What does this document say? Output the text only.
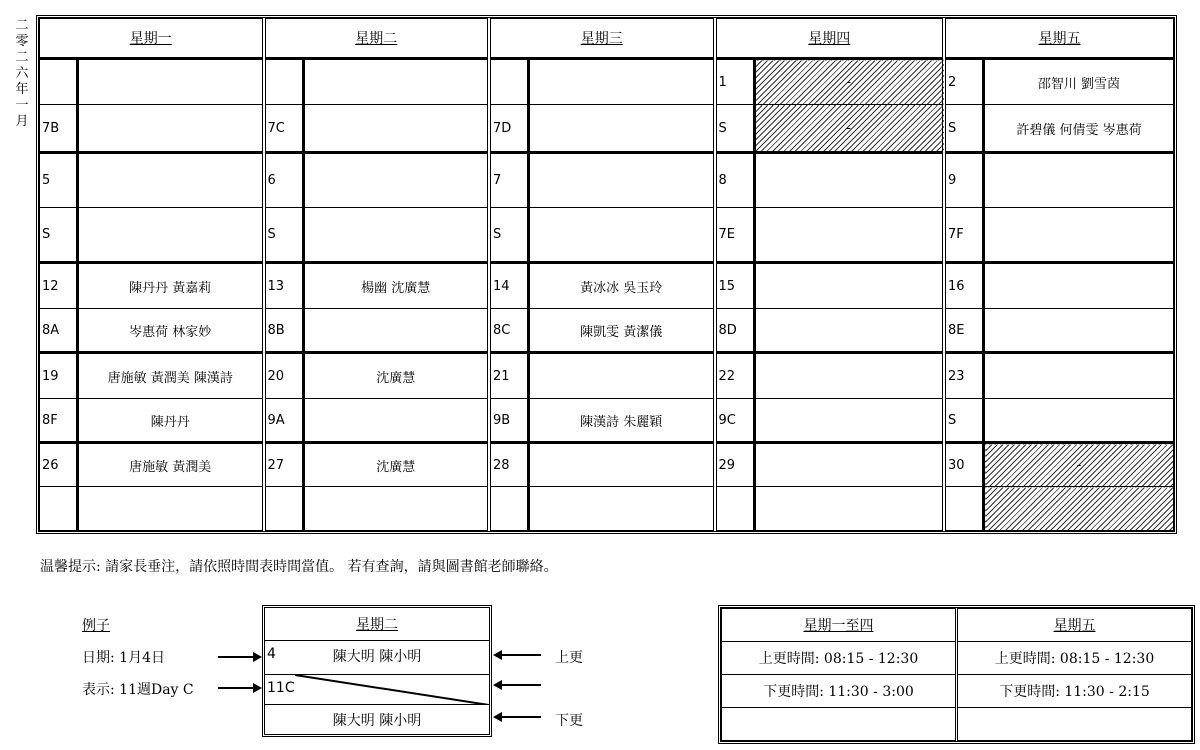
二
零
二
六
年
一
月
星期一		星期二		星期三		星期四		星期五	
						1	-	2	邵智川 劉雪茵
7B		7C		7D		S	-	S	許碧儀 何倩雯 岑惠荷
5		6		7		8		9	
S		S		S		7E		7F	
12	陳丹丹 黃嘉莉	13	楊幽 沈廣慧	14	黃冰冰 吳玉玲	15		16	
8A	岑惠荷 林家妙	8B		8C	陳凱雯 黃潔儀	8D		8E	
19	唐施敏 黃潤美 陳漢詩	20	沈廣慧	21		22		23	
8F	陳丹丹	9A		9B	陳漢詩 朱麗穎	9C		S	
26	唐施敏 黃潤美	27	沈廣慧	28		29		30	-

温馨提示: 請家長垂注，請依照時間表時間當值。 若有查詢，請與圖書館老師聯絡。
例子
日期: 1月4日
表示: 11週Day C
星期二
4	陳大明 陳小明
11C
陳大明 陳小明
上更
下更
星期一至四	星期五
上更時間: 08:15 - 12:30	上更時間: 08:15 - 12:30
下更時間: 11:30 - 3:00	下更時間: 11:30 - 2:15
